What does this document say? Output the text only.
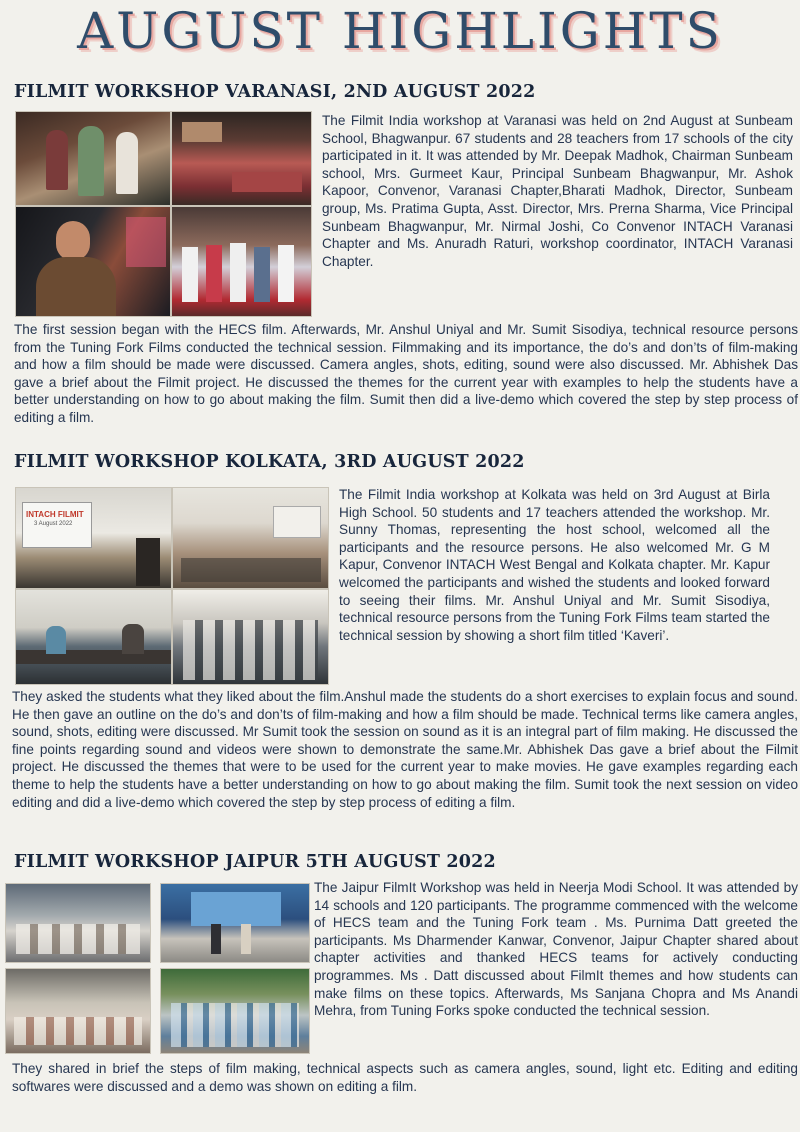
AUGUST HIGHLIGHTS
FILMIT WORKSHOP VARANASI, 2ND AUGUST 2022
The Filmit India workshop at Varanasi was held on 2nd August at Sunbeam School, Bhagwanpur. 67 students and 28 teachers from 17 schools of the city participated in it. It was attended by Mr. Deepak Madhok, Chairman Sunbeam school, Mrs. Gurmeet Kaur, Principal Sunbeam Bhagwanpur, Mr. Ashok Kapoor, Convenor, Varanasi Chapter,Bharati Madhok, Director, Sunbeam group, Ms. Pratima Gupta, Asst. Director, Mrs. Prerna Sharma, Vice Principal Sunbeam Bhagwanpur, Mr. Nirmal Joshi, Co Convenor INTACH Varanasi Chapter and Ms. Anuradh Raturi, workshop coordinator, INTACH Varanasi Chapter.
The first session began with the HECS film. Afterwards, Mr. Anshul Uniyal and Mr. Sumit Sisodiya, technical resource persons from the Tuning Fork Films conducted the technical session. Filmmaking and its importance, the do’s and don’ts of film-making and how a film should be made were discussed. Camera angles, shots, editing, sound were also discussed. Mr. Abhishek Das gave a brief about the Filmit project. He discussed the themes for the current year with examples to help the students have a better understanding on how to go about making the film. Sumit then did a live-demo which covered the step by step process of editing a film.
FILMIT WORKSHOP KOLKATA, 3RD AUGUST 2022
INTACH FILMIT
3 August 2022
The Filmit India workshop at Kolkata was held on 3rd August at Birla High School. 50 students and 17 teachers attended the workshop. Mr. Sunny Thomas, representing the host school, welcomed all the participants and the resource persons. He also welcomed Mr. G M Kapur, Convenor INTACH West Bengal and Kolkata chapter. Mr. Kapur welcomed the participants and wished the students and looked forward to seeing their films. Mr. Anshul Uniyal and Mr. Sumit Sisodiya, technical resource persons from the Tuning Fork Films team started the technical session by showing a short film titled ‘Kaveri’.
They asked the students what they liked about the film.Anshul made the students do a short exercises to explain focus and sound. He then gave an outline on the do’s and don’ts of film-making and how a film should be made. Technical terms like camera angles, sound, shots, editing were discussed. Mr Sumit took the session on sound as it is an integral part of film making. He discussed the fine points regarding sound and videos were shown to demonstrate the same.Mr. Abhishek Das gave a brief about the Filmit project. He discussed the themes that were to be used for the current year to make movies. He gave examples regarding each theme to help the students have a better understanding on how to go about making the film. Sumit took the next session on video editing and did a live-demo which covered the step by step process of editing a film.
FILMIT WORKSHOP JAIPUR 5TH AUGUST 2022
The Jaipur FilmIt Workshop was held in Neerja Modi School. It was attended by 14 schools and 120 participants. The programme commenced with the welcome of HECS team and the Tuning Fork team . Ms. Purnima Datt greeted the participants. Ms Dharmender Kanwar, Convenor, Jaipur Chapter shared about chapter activities and thanked HECS teams for actively conducting programmes. Ms . Datt discussed about FilmIt themes and how students can make films on these topics. Afterwards, Ms Sanjana Chopra and Ms Anandi Mehra, from Tuning Forks spoke conducted the technical session.
They shared in brief the steps of film making, technical aspects such as camera angles, sound, light etc. Editing and editing softwares were discussed and a demo was shown on editing a film.
